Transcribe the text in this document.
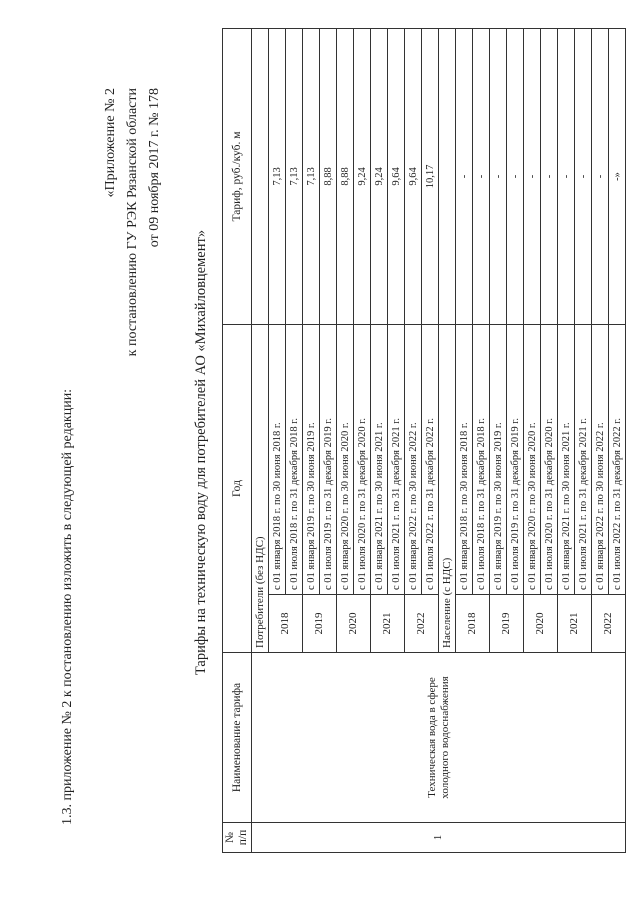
1.3. приложение № 2 к постановлению изложить в следующей редакции:
«Приложение № 2 к постановлению ГУ РЭК Рязанской области от 09 ноября 2017 г. № 178
Тарифы на техническую воду для потребителей АО «Михайловцемент»
№ п/п	Наименование тарифа	Год		Тариф, руб./куб. м
1	Техническая вода в сфере холодного водоснабжения	Потребители (без НДС)		
		2018	с 01 января 2018 г. по 30 июня 2018 г.	7,13
			с 01 июля 2018 г. по 31 декабря 2018 г.	7,13
		2019	с 01 января 2019 г. по 30 июня 2019 г.	7,13
			с 01 июля 2019 г. по 31 декабря 2019 г.	8,88
		2020	с 01 января 2020 г. по 30 июня 2020 г.	8,88
			с 01 июля 2020 г. по 31 декабря 2020 г.	9,24
		2021	с 01 января 2021 г. по 30 июня 2021 г.	9,24
			с 01 июля 2021 г. по 31 декабря 2021 г.	9,64
		2022	с 01 января 2022 г. по 30 июня 2022 г.	9,64
			с 01 июля 2022 г. по 31 декабря 2022 г.	10,17
		Население (с НДС)		
		2018	с 01 января 2018 г. по 30 июня 2018 г.	-
			с 01 июля 2018 г. по 31 декабря 2018 г.	-
		2019	с 01 января 2019 г. по 30 июня 2019 г.	-
			с 01 июля 2019 г. по 31 декабря 2019 г.	-
		2020	с 01 января 2020 г. по 30 июня 2020 г.	-
			с 01 июля 2020 г. по 31 декабря 2020 г.	-
		2021	с 01 января 2021 г. по 30 июня 2021 г.	-
			с 01 июля 2021 г. по 31 декабря 2021 г.	-
		2022	с 01 января 2022 г. по 30 июня 2022 г.	-
			с 01 июля 2022 г. по 31 декабря 2022 г.	-»
